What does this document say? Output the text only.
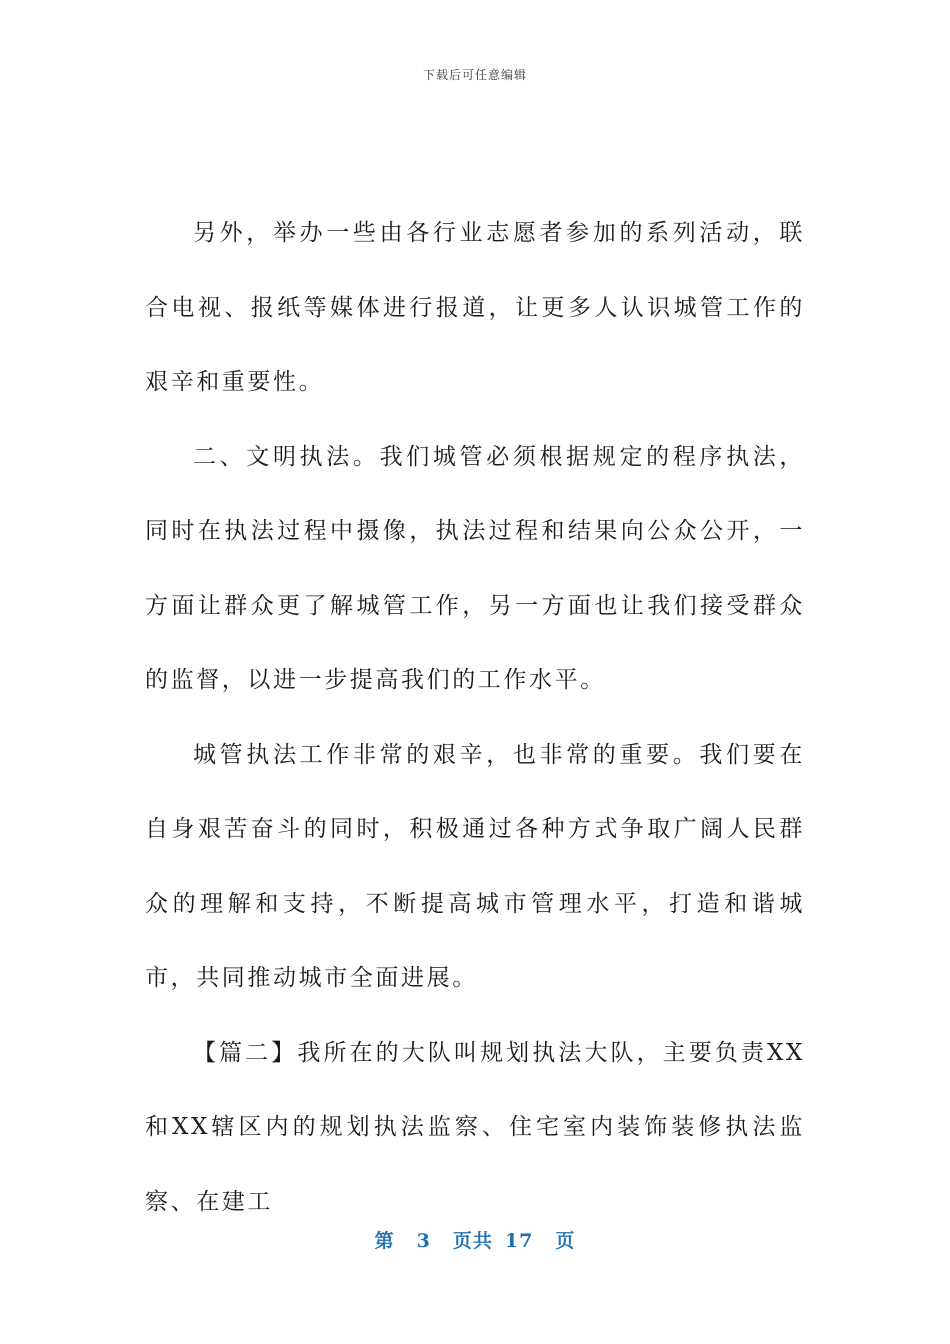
下载后可任意编辑

另外，举办一些由各行业志愿者参加的系列活动，联合电视、报纸等媒体进行报道，让更多人认识城管工作的艰辛和重要性。

二、文明执法。我们城管必须根据规定的程序执法，同时在执法过程中摄像，执法过程和结果向公众公开，一方面让群众更了解城管工作，另一方面也让我们接受群众的监督，以进一步提高我们的工作水平。

城管执法工作非常的艰辛，也非常的重要。我们要在自身艰苦奋斗的同时，积极通过各种方式争取广阔人民群众的理解和支持，不断提高城市管理水平，打造和谐城市，共同推动城市全面进展。

【篇二】我所在的大队叫规划执法大队，主要负责XX和XX辖区内的规划执法监察、住宅室内装饰装修执法监察、在建工

第 3 页共 17 页
